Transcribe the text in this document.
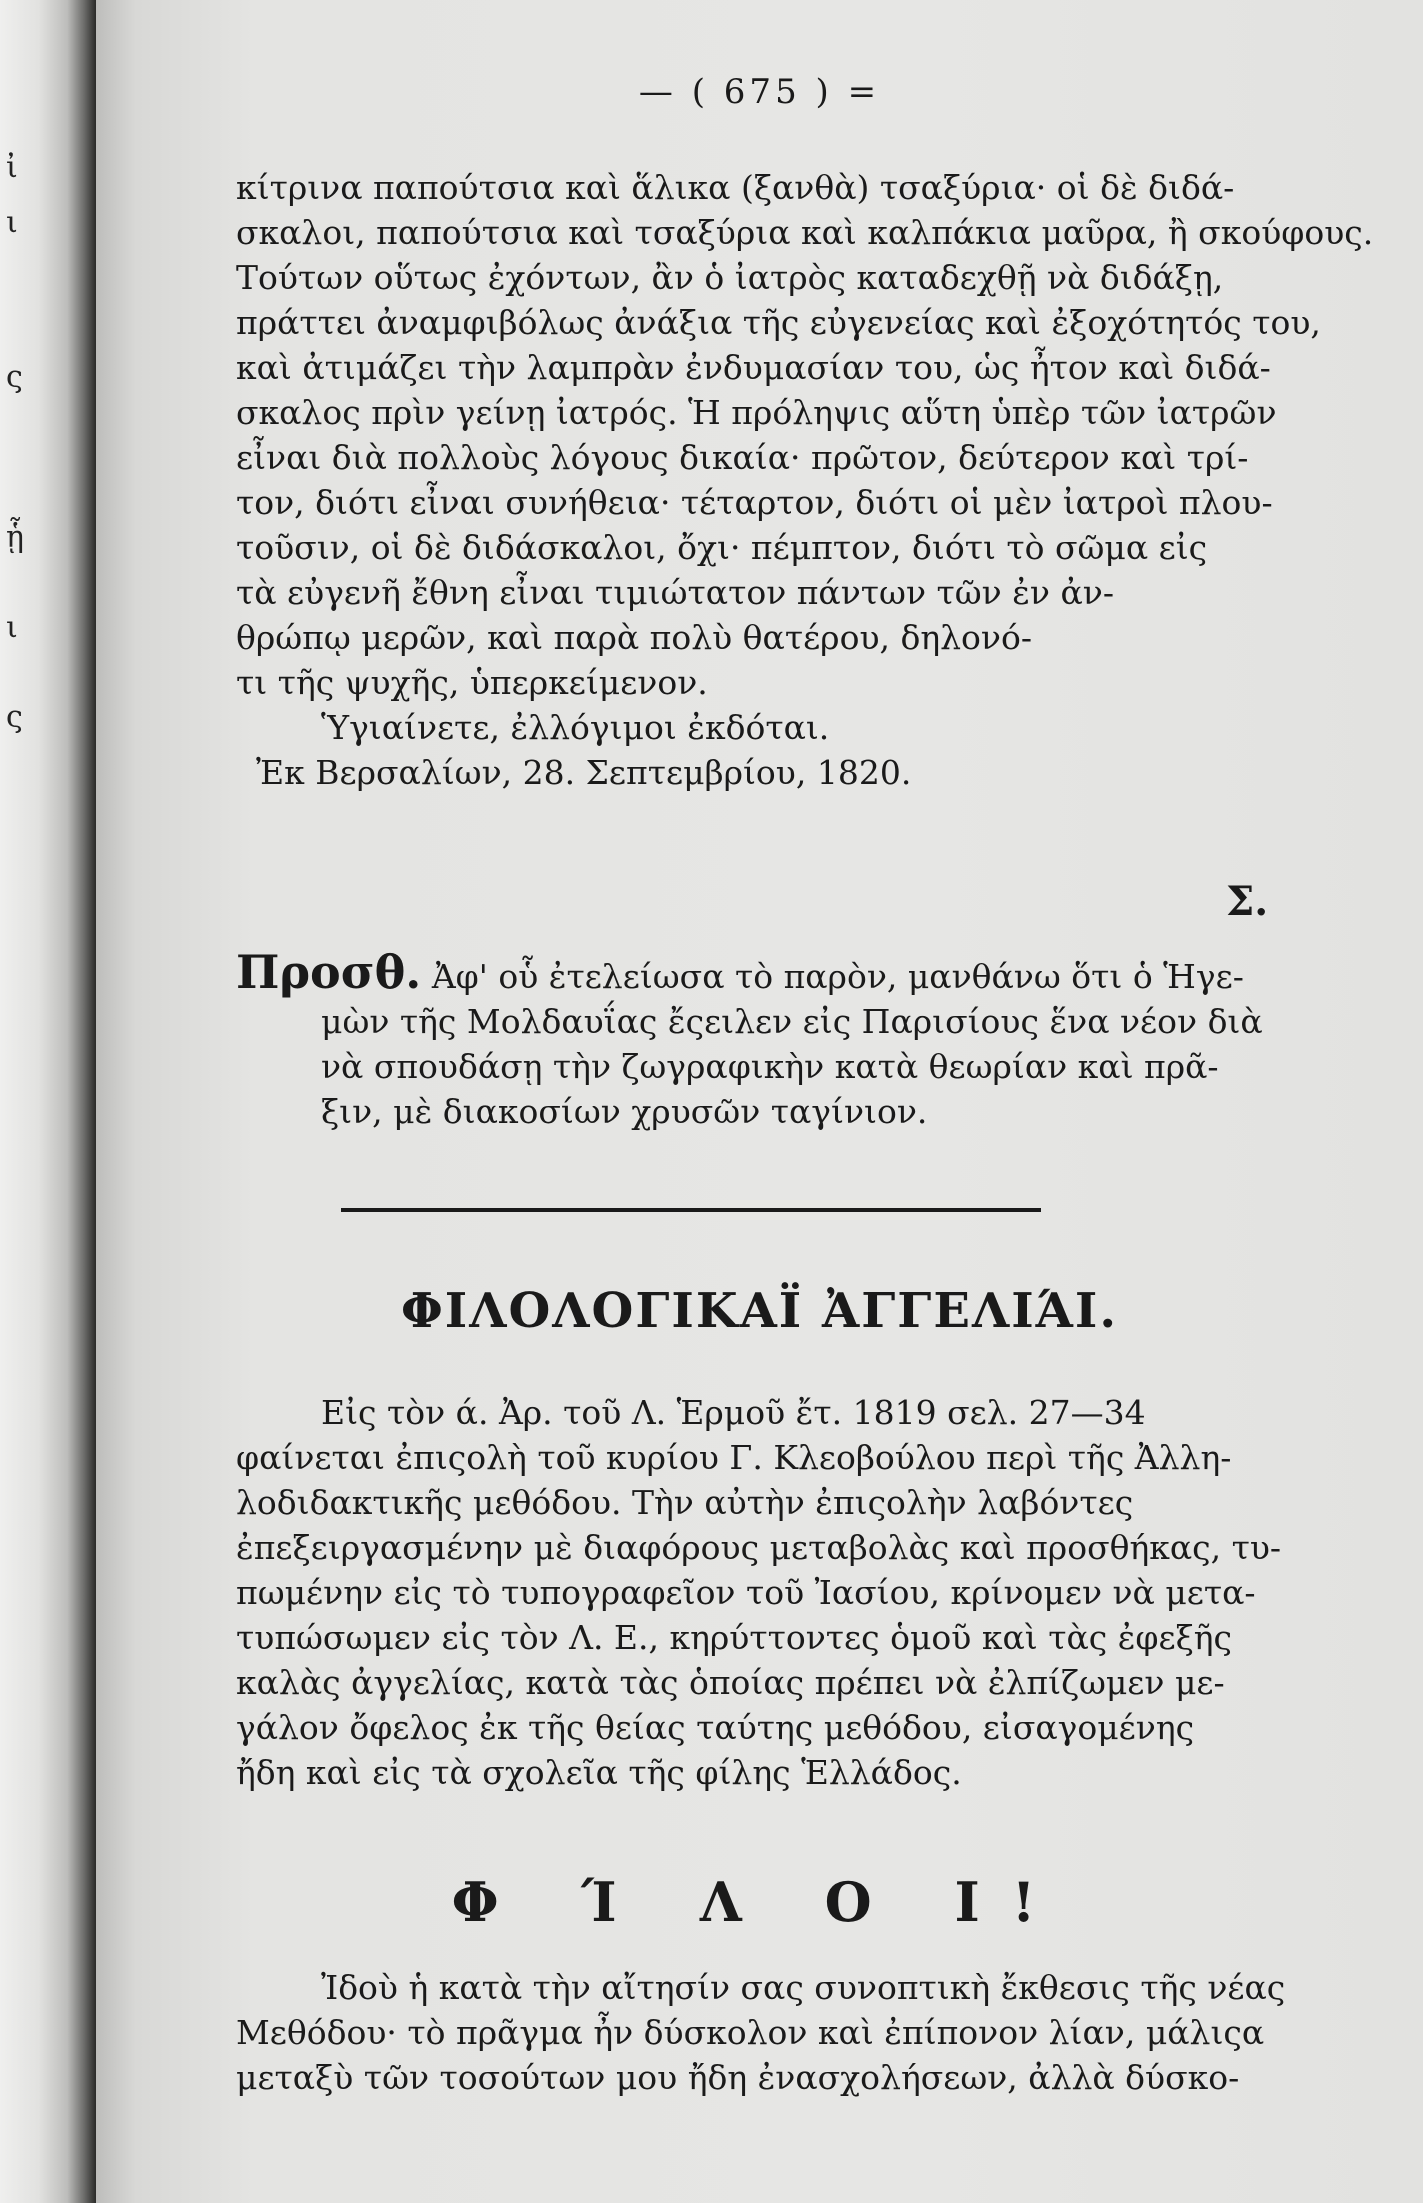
ἰ
ι
ς
ᾗ
ι
ς
— ( 675 ) =
κίτρινα παπούτσια καὶ ἅλικα (ξανθὰ) τσαξύρια· οἱ δὲ διδά-
σκαλοι, παπούτσια καὶ τσαξύρια καὶ καλπάκια μαῦρα, ἢ σκούφους.
Τούτων οὕτως ἐχόντων, ἂν ὁ ἰατρὸς καταδεχθῇ νὰ διδάξῃ,
πράττει ἀναμφιβόλως ἀνάξια τῆς εὐγενείας καὶ ἐξοχότητός του,
καὶ ἀτιμάζει τὴν λαμπρὰν ἐνδυμασίαν του, ὡς ἦτον καὶ διδά-
σκαλος πρὶν γείνῃ ἰατρός. Ἡ πρόληψις αὕτη ὑπὲρ τῶν ἰατρῶν
εἶναι διὰ πολλοὺς λόγους δικαία· πρῶτον, δεύτερον καὶ τρί-
τον, διότι εἶναι συνήθεια· τέταρτον, διότι οἱ μὲν ἰατροὶ πλου-
τοῦσιν, οἱ δὲ διδάσκαλοι, ὄχι· πέμπτον, διότι τὸ σῶμα εἰς
τὰ εὐγενῆ ἔθνη εἶναι τιμιώτατον πάντων τῶν ἐν ἀν-
θρώπῳ μερῶν, καὶ παρὰ πολὺ θατέρου, δηλονό-
τι τῆς ψυχῆς, ὑπερκείμενον.
Ὑγιαίνετε, ἐλλόγιμοι ἐκδόται.
Ἐκ Βερσαλίων, 28. Σεπτεμβρίου, 1820.
Σ.
Προσθ. Ἀφ' οὗ ἐτελείωσα τὸ παρὸν, μανθάνω ὅτι ὁ Ἡγε-
μὼν τῆς Μολδαυΐας ἔςειλεν εἰς Παρισίους ἕνα νέον διὰ
νὰ σπουδάσῃ τὴν ζωγραφικὴν κατὰ θεωρίαν καὶ πρᾶ-
ξιν, μὲ διακοσίων χρυσῶν ταγίνιον.
ΦΙΛΟΛΟΓΙΚΑΪ ἈΓΓΕΛΙΆΙ.
Εἰς τὸν ά. Ἀρ. τοῦ Λ. Ἑρμοῦ ἔτ. 1819 σελ. 27—34
φαίνεται ἐπιςολὴ τοῦ κυρίου Γ. Κλεοβούλου περὶ τῆς Ἀλλη-
λοδιδακτικῆς μεθόδου. Τὴν αὐτὴν ἐπιςολὴν λαβόντες
ἐπεξειργασμένην μὲ διαφόρους μεταβολὰς καὶ προσθήκας, τυ-
πωμένην εἰς τὸ τυπογραφεῖον τοῦ Ἰασίου, κρίνομεν νὰ μετα-
τυπώσωμεν εἰς τὸν Λ. Ε., κηρύττοντες ὁμοῦ καὶ τὰς ἐφεξῆς
καλὰς ἀγγελίας, κατὰ τὰς ὁποίας πρέπει νὰ ἐλπίζωμεν με-
γάλον ὄφελος ἐκ τῆς θείας ταύτης μεθόδου, εἰσαγομένης
ἤδη καὶ εἰς τὰ σχολεῖα τῆς φίλης Ἑλλάδος.
Φ Ί Λ Ο Ι!
Ἰδοὺ ἡ κατὰ τὴν αἴτησίν σας συνοπτικὴ ἔκθεσις τῆς νέας
Μεθόδου· τὸ πρᾶγμα ἦν δύσκολον καὶ ἐπίπονον λίαν, μάλιςα
μεταξὺ τῶν τοσούτων μου ἤδη ἐνασχολήσεων, ἀλλὰ δύσκο-
